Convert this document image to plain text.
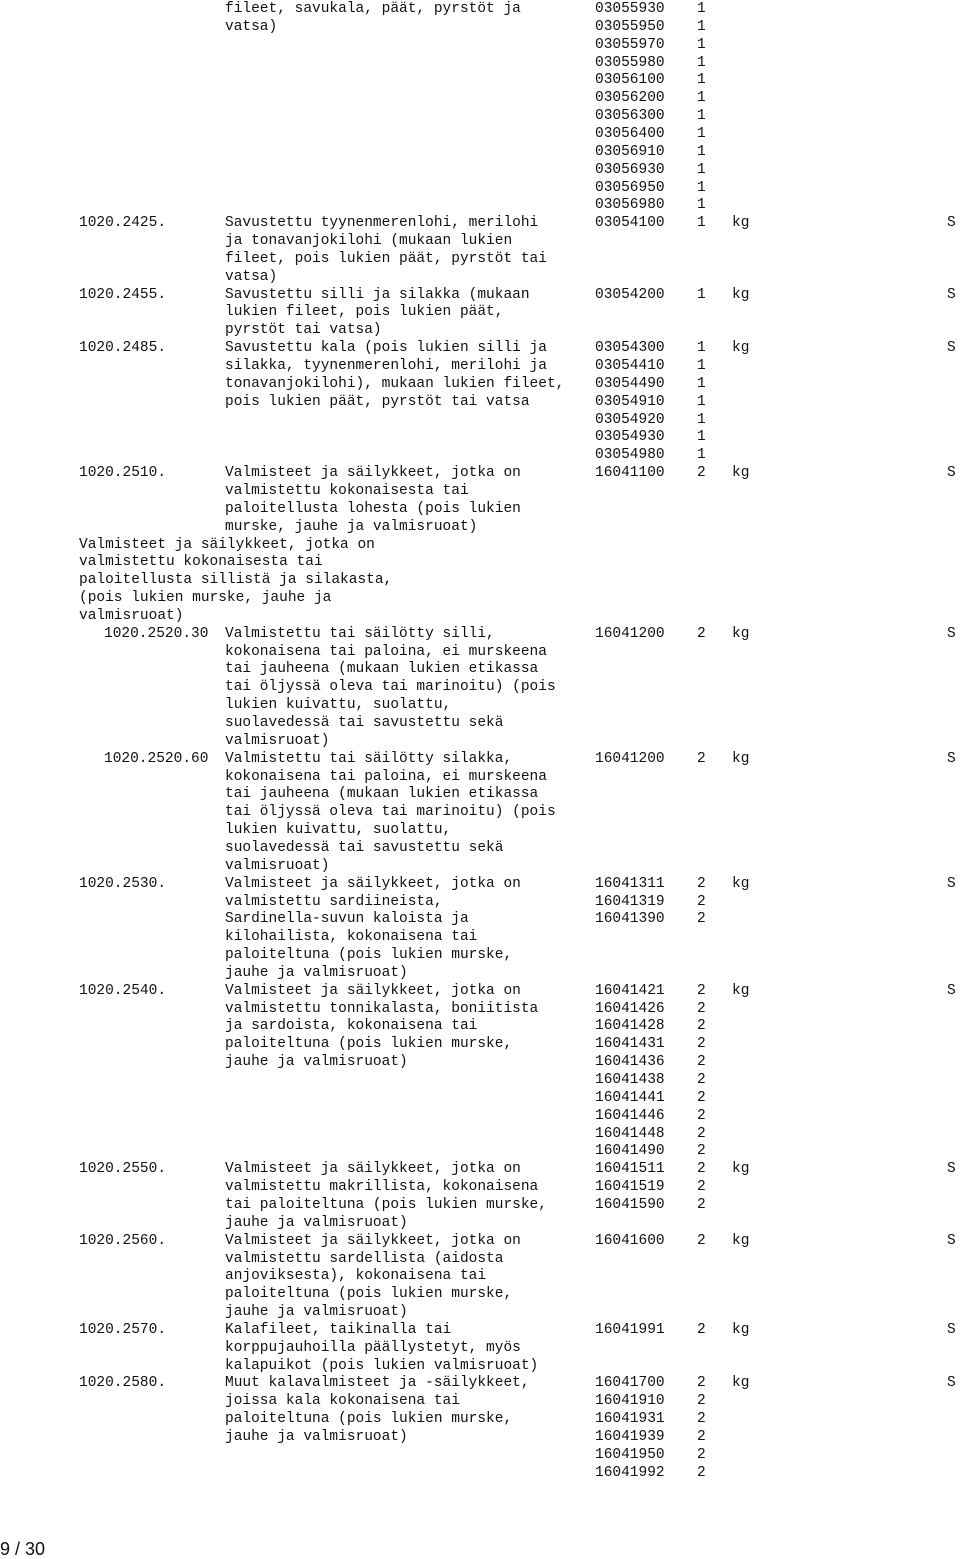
fileet, savukala, päät, pyrstöt ja	03055930 1
vatsa)	03055950 1
03055970 1
03055980 1
03056100 1
03056200 1
03056300 1
03056400 1
03056910 1
03056930 1
03056950 1
03056980 1
1020.2425.	Savustettu tyynenmerenlohi, merilohi	03054100 1 kg	S
ja tonavanjokilohi (mukaan lukien
fileet, pois lukien päät, pyrstöt tai
vatsa)
1020.2455.	Savustettu silli ja silakka (mukaan	03054200 1 kg	S
lukien fileet, pois lukien päät,
pyrstöt tai vatsa)
1020.2485.	Savustettu kala (pois lukien silli ja	03054300 1 kg	S
silakka, tyynenmerenlohi, merilohi ja	03054410 1
tonavanjokilohi), mukaan lukien fileet, 03054490 1
pois lukien päät, pyrstöt tai vatsa	03054910 1
03054920 1
03054930 1
03054980 1
1020.2510.	Valmisteet ja säilykkeet, jotka on	16041100 2 kg	S
valmistettu kokonaisesta tai
paloitellusta lohesta (pois lukien
murske, jauhe ja valmisruoat)
Valmisteet ja säilykkeet, jotka on
valmistettu kokonaisesta tai
paloitellusta sillistä ja silakasta,
(pois lukien murske, jauhe ja
valmisruoat)
1020.2520.30 Valmistettu tai säilötty silli,	16041200 2 kg	S
kokonaisena tai paloina, ei murskeena
tai jauheena (mukaan lukien etikassa
tai öljyssä oleva tai marinoitu) (pois
lukien kuivattu, suolattu,
suolavedessä tai savustettu sekä
valmisruoat)
1020.2520.60 Valmistettu tai säilötty silakka,	16041200 2 kg	S
kokonaisena tai paloina, ei murskeena
tai jauheena (mukaan lukien etikassa
tai öljyssä oleva tai marinoitu) (pois
lukien kuivattu, suolattu,
suolavedessä tai savustettu sekä
valmisruoat)
1020.2530.	Valmisteet ja säilykkeet, jotka on	16041311 2 kg	S
valmistettu sardiineista,	16041319 2
Sardinella-suvun kaloista ja	16041390 2
kilohailista, kokonaisena tai
paloiteltuna (pois lukien murske,
jauhe ja valmisruoat)
1020.2540.	Valmisteet ja säilykkeet, jotka on	16041421 2 kg	S
valmistettu tonnikalasta, boniitista	16041426 2
ja sardoista, kokonaisena tai	16041428 2
paloiteltuna (pois lukien murske,	16041431 2
jauhe ja valmisruoat)	16041436 2
16041438 2
16041441 2
16041446 2
16041448 2
16041490 2
1020.2550.	Valmisteet ja säilykkeet, jotka on	16041511 2 kg	S
valmistettu makrillista, kokonaisena	16041519 2
tai paloiteltuna (pois lukien murske,	16041590 2
jauhe ja valmisruoat)
1020.2560.	Valmisteet ja säilykkeet, jotka on	16041600 2 kg	S
valmistettu sardellista (aidosta
anjoviksesta), kokonaisena tai
paloiteltuna (pois lukien murske,
jauhe ja valmisruoat)
1020.2570.	Kalafileet, taikinalla tai	16041991 2 kg	S
korppujauhoilla päällystetyt, myös
kalapuikot (pois lukien valmisruoat)
1020.2580.	Muut kalavalmisteet ja -säilykkeet,	16041700 2 kg	S
joissa kala kokonaisena tai	16041910 2
paloiteltuna (pois lukien murske,	16041931 2
jauhe ja valmisruoat)	16041939 2
16041950 2
16041992 2
9 / 30
